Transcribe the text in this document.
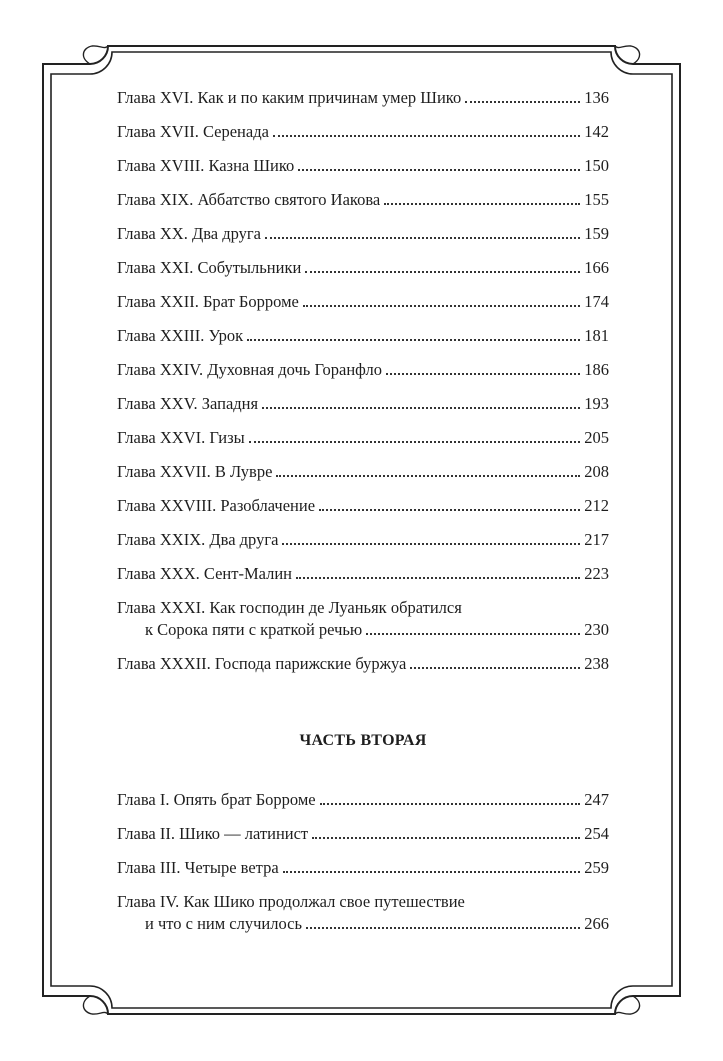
Глава XVI. Как и по каким причинам умер Шико	136
Глава XVII. Серенада	142
Глава XVIII. Казна Шико	150
Глава XIX. Аббатство святого Иакова	155
Глава XX. Два друга	159
Глава XXI. Собутыльники	166
Глава XXII. Брат Борроме	174
Глава XXIII. Урок	181
Глава XXIV. Духовная дочь Горанфло	186
Глава XXV. Западня	193
Глава XXVI. Гизы	205
Глава XXVII. В Лувре	208
Глава XXVIII. Разоблачение	212
Глава XXIX. Два друга	217
Глава XXX. Сент-Малин	223
Глава XXXI. Как господин де Луаньяк обратился
к Сорока пяти с краткой речью	230
Глава XXXII. Господа парижские буржуа	238
ЧАСТЬ ВТОРАЯ
Глава I. Опять брат Борроме	247
Глава II. Шико — латинист	254
Глава III. Четыре ветра	259
Глава IV. Как Шико продолжал свое путешествие
и что с ним случилось	266
